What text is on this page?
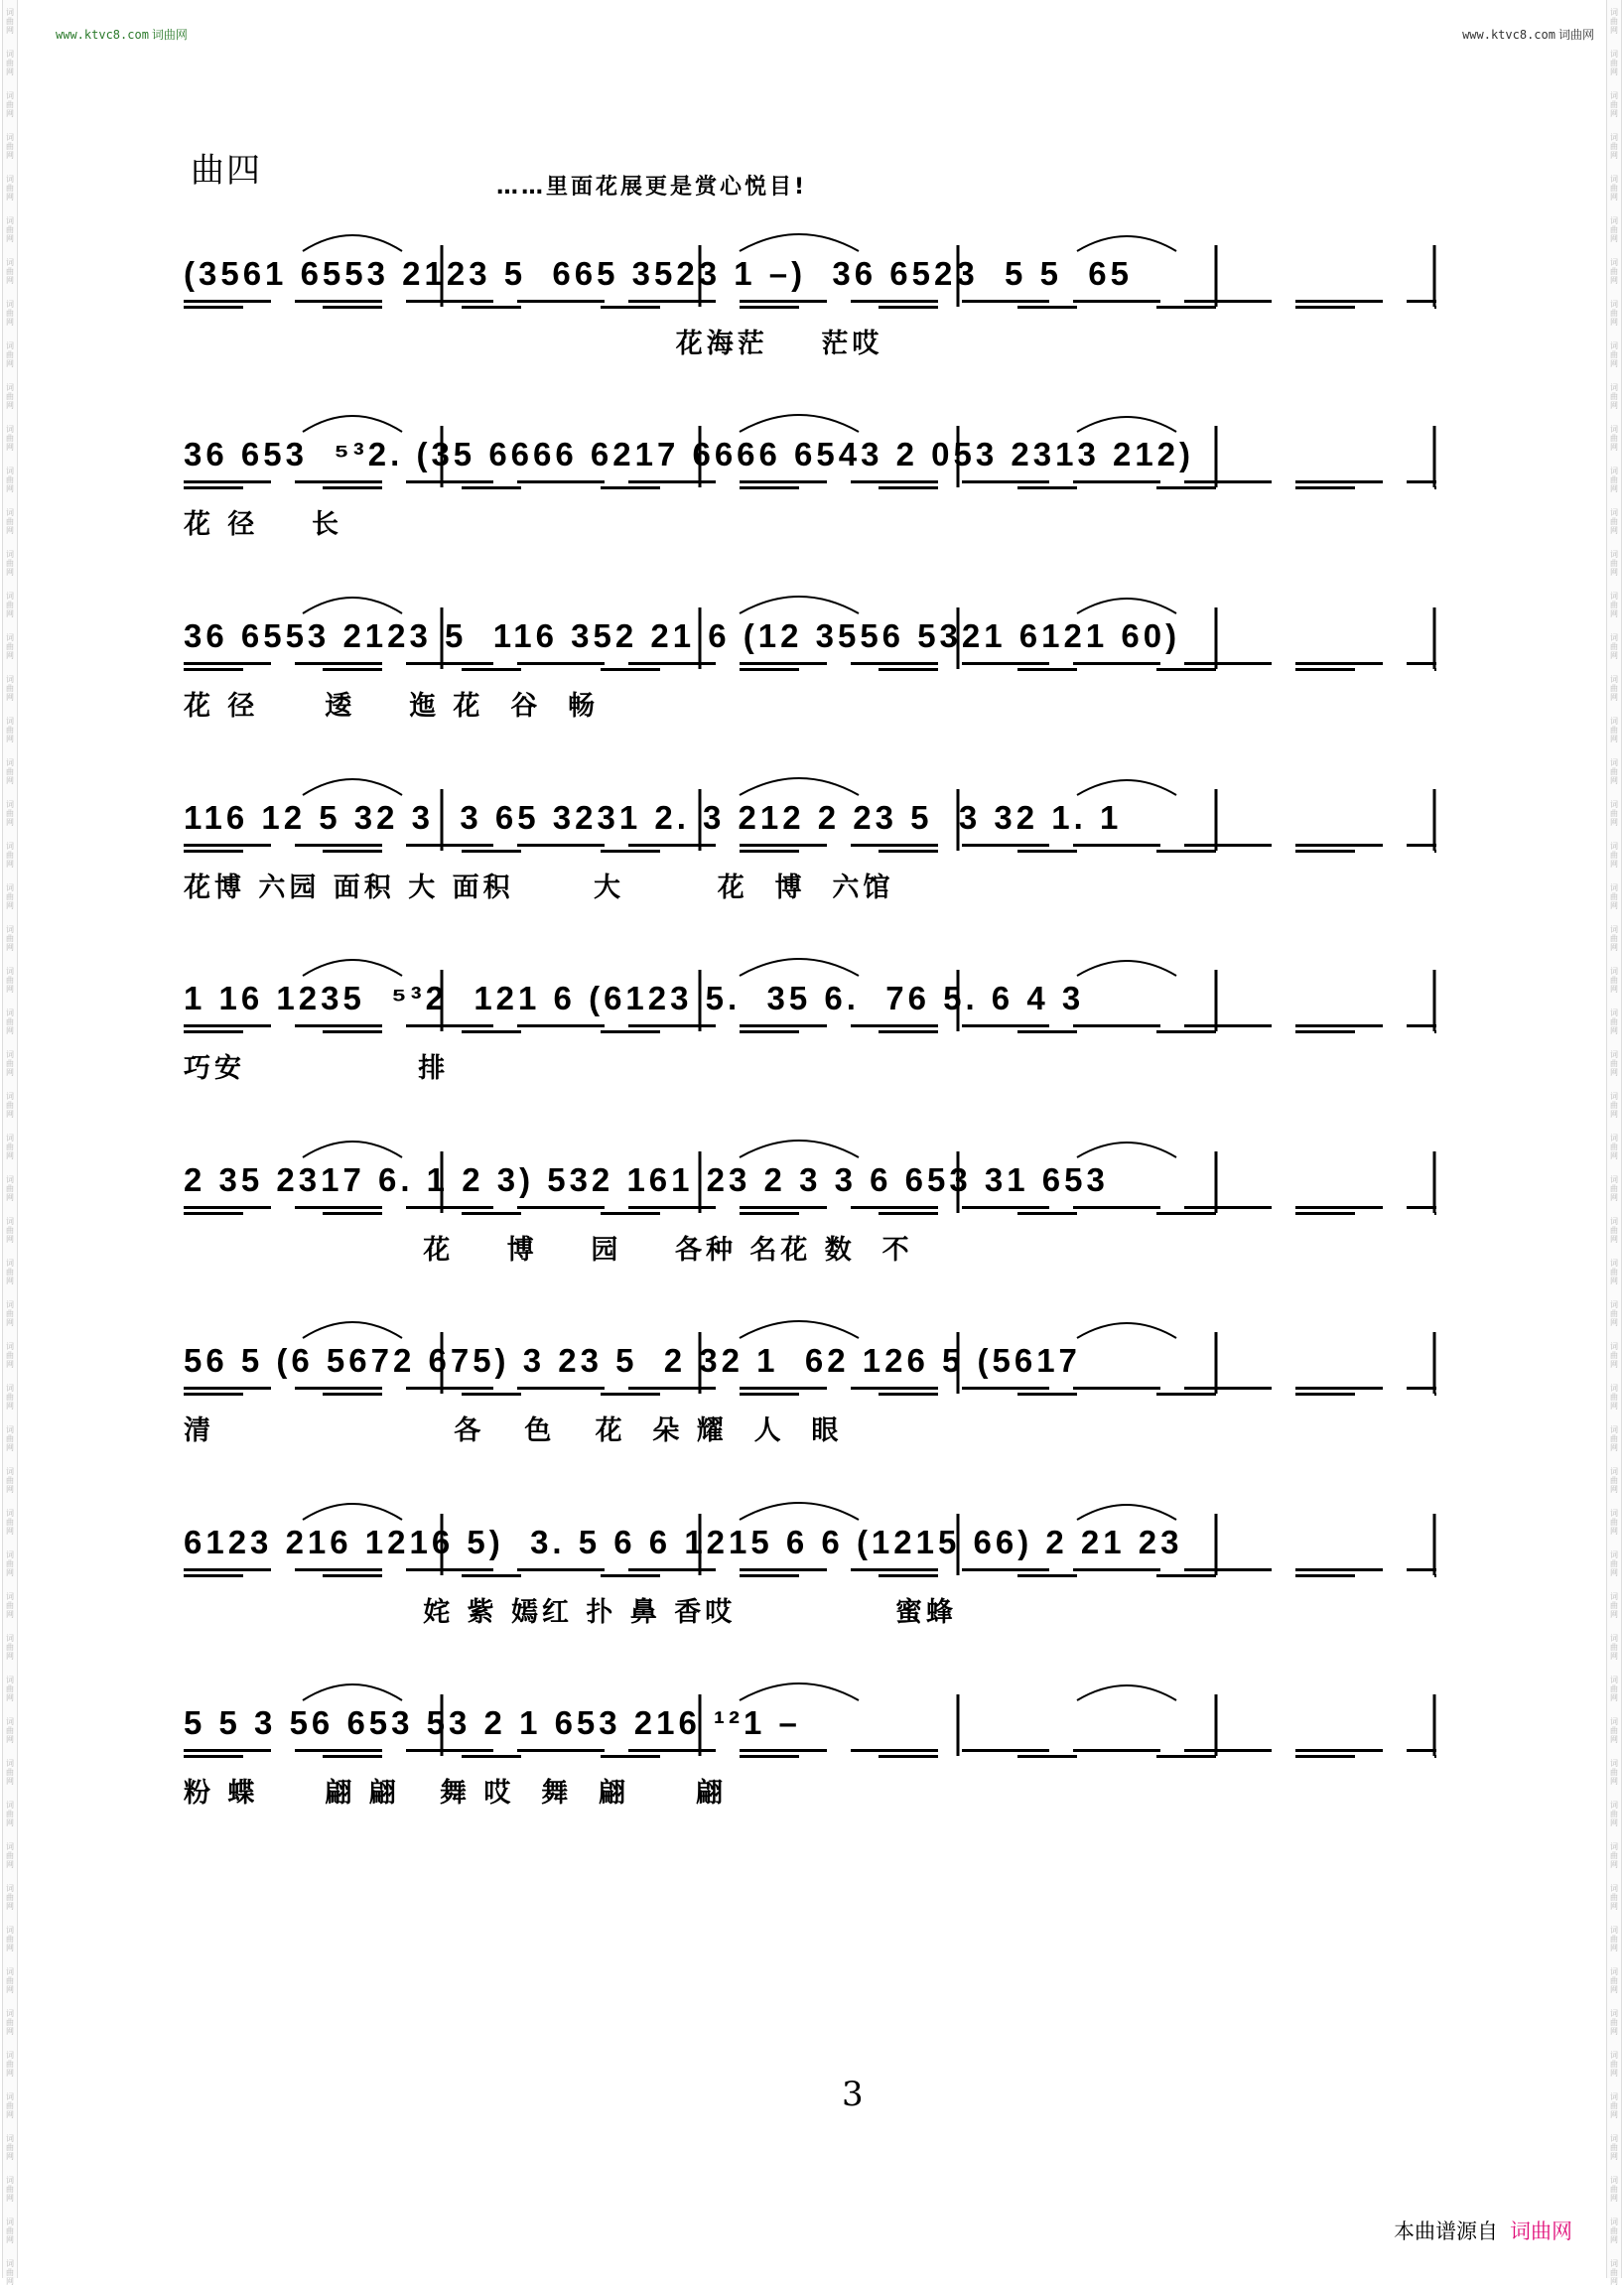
词
曲
网
词
曲
网
词
曲
网
词
曲
网
词
曲
网
词
曲
网
词
曲
网
词
曲
网
词
曲
网
词
曲
网
词
曲
网
词
曲
网
词
曲
网
词
曲
网
词
曲
网
词
曲
网
词
曲
网
词
曲
网
词
曲
网
词
曲
网
词
曲
网
词
曲
网
词
曲
网
词
曲
网
词
曲
网
词
曲
网
词
曲
网
词
曲
网
词
曲
网
词
曲
网
词
曲
网
词
曲
网
词
曲
网
词
曲
网
词
曲
网
词
曲
网
词
曲
网
词
曲
网
词
曲
网
词
曲
网
词
曲
网
词
曲
网
词
曲
网
词
曲
网
词
曲
网
词
曲
网
词
曲
网
词
曲
网
词
曲
网
词
曲
网
词
曲
网
词
曲
网
词
曲
网
词
曲
网
词
曲
网
词
曲
网
词
曲
网
词
曲
网
词
曲
网
词
曲
网
词
曲
网
词
曲
网
词
曲
网
词
曲
网
词
曲
网
词
曲
网
词
曲
网
词
曲
网
词
曲
网
词
曲
网
词
曲
网
词
曲
网
词
曲
网
词
曲
网
词
曲
网
词
曲
网
词
曲
网
词
曲
网
词
曲
网
词
曲
网
词
曲
网
词
曲
网
词
曲
网
词
曲
网
词
曲
网
词
曲
网
词
曲
网
词
曲
网
词
曲
网
词
曲
网
词
曲
网
词
曲
网
词
曲
网
词
曲
网
词
曲
网
词
曲
网
词
曲
网
词
曲
网
词
曲
网
词
曲
网
词
曲
网
词
曲
网
词
曲
网
词
曲
网
词
曲
网
词
曲
网
词
曲
网
词
曲
网
词
曲
网
词
曲
网
www.ktvc8.com 词曲网	www.ktvc8.com 词曲网
曲四	……里面花展更是赏心悦目!
(3561 6553 2123 5  665 3523 1 –)  36 6523  5 5  65
花海茫    茫哎
36 653  ⁵³2. (35 6666 6217 6666 6543 2 053 2313 212)
花 径    长
36 6553 2123 5  116 352 21 6 (12 3556 5321 6121 60)
花 径     逶    迤 花  谷  畅
116 12 5 32 3  3 65 3231 2. 3 212 2 23 5  3 32 1. 1
花博 六园 面积 大 面积      大       花  博  六馆
1 16 1235  ⁵³2  121 6 (6123 5.  35 6.  76 5. 6 4 3
巧安             排
2 35 2317 6. 1 2 3) 532 161 23 2 3 3 6 653 31 653
花    博    园    各种 名花 数  不
56 5 (6 5672 675) 3 23 5  2 32 1  62 126 5 (5617
清                  各   色   花  朵 耀  人  眼
6123 216 1216 5)  3. 5 6 6 1215 6 6 (1215 66) 2 21 23
姹 紫 嫣红 扑 鼻 香哎            蜜蜂
5 5 3 56 653 53 2 1 653 216 ¹²1 –
粉 蝶     翩 翩   舞 哎  舞  翩     翩
3
本曲谱源自 词曲网
